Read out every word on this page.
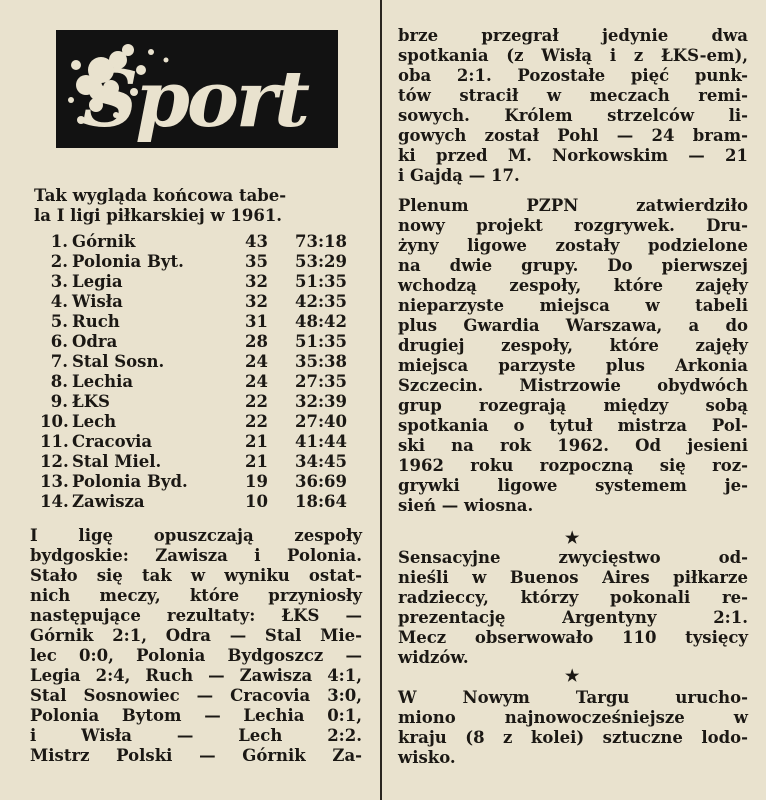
Sport
Tak wygląda końcowa tabe-
la I ligi piłkarskiej w 1961.
1. Górnik	43 73:18
2. Polonia Byt.	35 53:29
3. Legia	32 51:35
4. Wisła	32 42:35
5. Ruch	31 48:42
6. Odra	28 51:35
7. Stal Sosn.	24 35:38
8. Lechia	24 27:35
9. ŁKS	22 32:39
10. Lech	22 27:40
11. Cracovia	21 41:44
12. Stal Miel.	21 34:45
13. Polonia Byd.	19 36:69
14. Zawisza	10 18:64
I ligę opuszczają zespoły
bydgoskie: Zawisza i Polonia.
Stało się tak w wyniku ostat-
nich meczy, które przyniosły
następujące rezultaty: ŁKS —
Górnik 2:1, Odra — Stal Mie-
lec 0:0, Polonia Bydgoszcz —
Legia 2:4, Ruch — Zawisza 4:1,
Stal Sosnowiec — Cracovia 3:0,
Polonia Bytom — Lechia 0:1,
i Wisła — Lech 2:2.
Mistrz Polski — Górnik Za-
brze przegrał jedynie dwa
spotkania (z Wisłą i z ŁKS-em),
oba 2:1. Pozostałe pięć punk-
tów stracił w meczach remi-
sowych. Królem strzelców li-
gowych został Pohl — 24 bram-
ki przed M. Norkowskim — 21
i Gajdą — 17.
Plenum PZPN zatwierdziło
nowy projekt rozgrywek. Dru-
żyny ligowe zostały podzielone
na dwie grupy. Do pierwszej
wchodzą zespoły, które zajęły
nieparzyste miejsca w tabeli
plus Gwardia Warszawa, a do
drugiej zespoły, które zajęły
miejsca parzyste plus Arkonia
Szczecin. Mistrzowie obydwóch
grup rozegrają między sobą
spotkania o tytuł mistrza Pol-
ski na rok 1962. Od jesieni
1962 roku rozpoczną się roz-
grywki ligowe systemem je-
sień — wiosna.
★
Sensacyjne zwycięstwo od-
nieśli w Buenos Aires piłkarze
radzieccy, którzy pokonali re-
prezentację Argentyny 2:1.
Mecz obserwowało 110 tysięcy
widzów.
★
W Nowym Targu urucho-
miono najnowocześniejsze w
kraju (8 z kolei) sztuczne lodo-
wisko.
